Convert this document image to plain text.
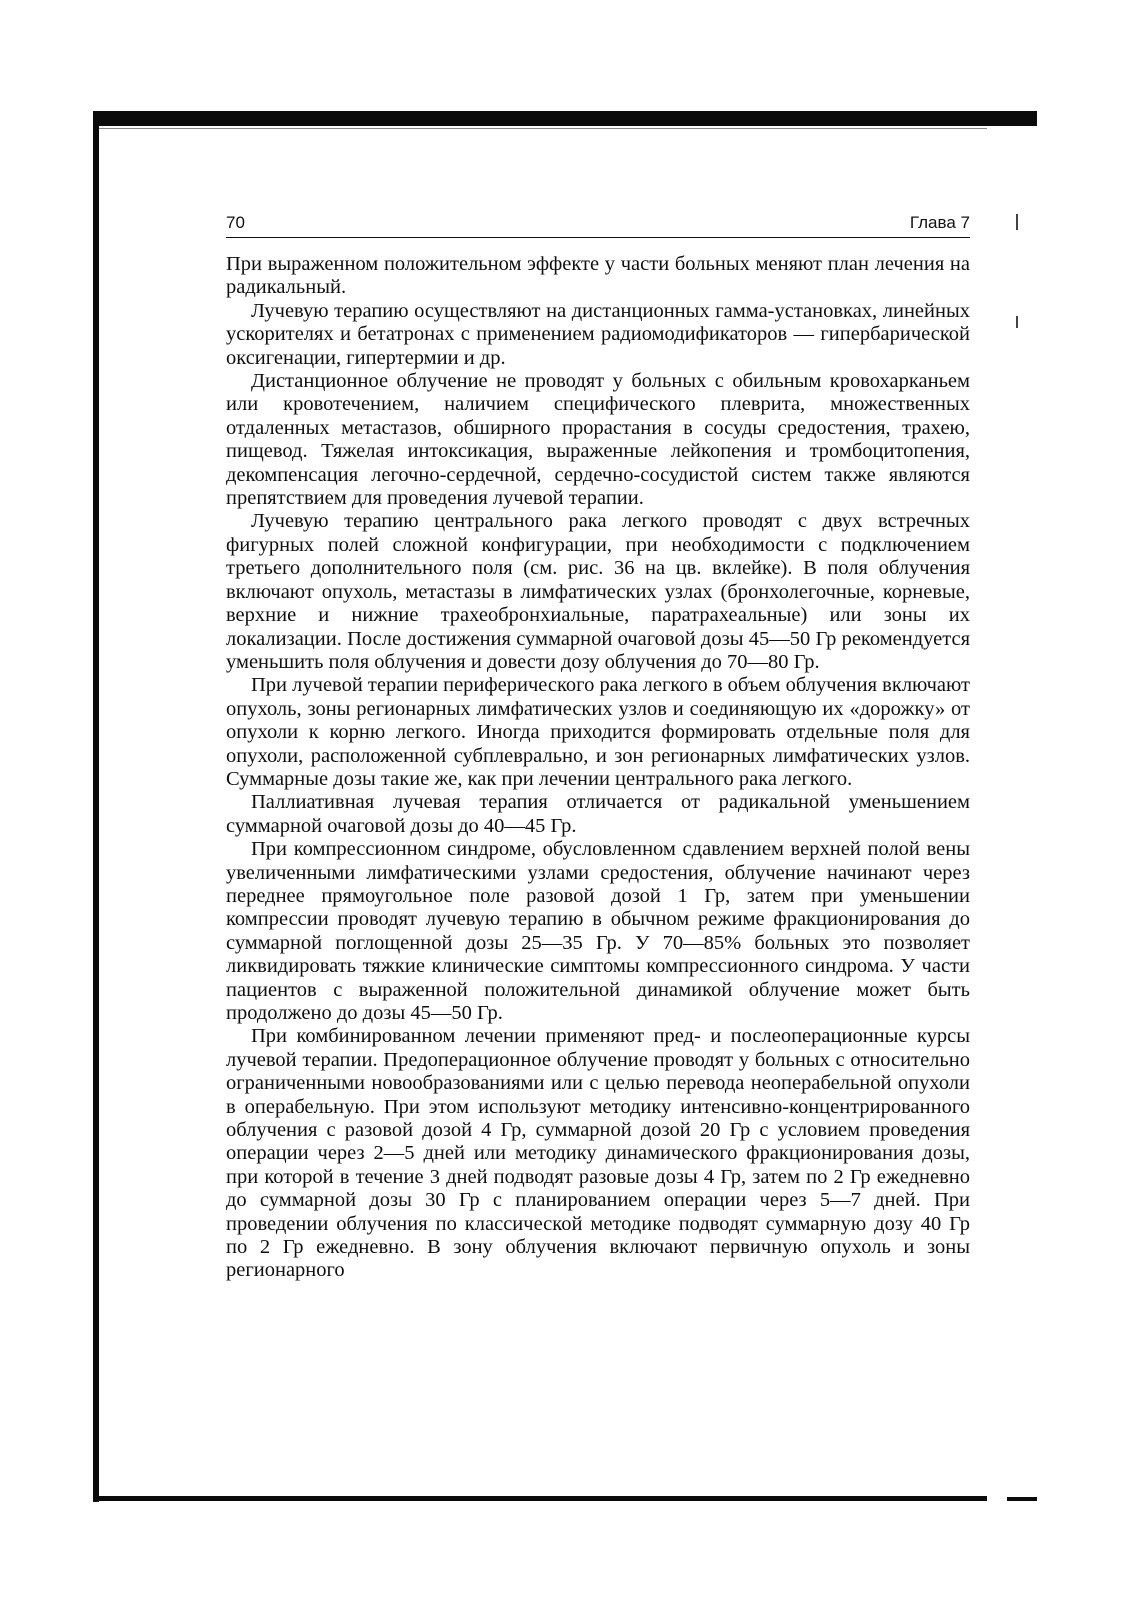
70	Глава 7

При выраженном положительном эффекте у части больных меняют план лечения на радикальный.

Лучевую терапию осуществляют на дистанционных гамма-установках, линейных ускорителях и бетатронах с применением радиомодификаторов — гипербарической оксигенации, гипертермии и др.

Дистанционное облучение не проводят у больных с обильным кровохарканьем или кровотечением, наличием специфического плеврита, множественных отдаленных метастазов, обширного прорастания в сосуды средостения, трахею, пищевод. Тяжелая интоксикация, выраженные лейкопения и тромбоцитопения, декомпенсация легочно-сердечной, сердечно-сосудистой систем также являются препятствием для проведения лучевой терапии.

Лучевую терапию центрального рака легкого проводят с двух встречных фигурных полей сложной конфигурации, при необходимости с подключением третьего дополнительного поля (см. рис. 36 на цв. вклейке). В поля облучения включают опухоль, метастазы в лимфатических узлах (бронхолегочные, корневые, верхние и нижние трахеобронхиальные, паратрахеальные) или зоны их локализации. После достижения суммарной очаговой дозы 45—50 Гр рекомендуется уменьшить поля облучения и довести дозу облучения до 70—80 Гр.

При лучевой терапии периферического рака легкого в объем облучения включают опухоль, зоны регионарных лимфатических узлов и соединяющую их «дорожку» от опухоли к корню легкого. Иногда приходится формировать отдельные поля для опухоли, расположенной субплеврально, и зон регионарных лимфатических узлов. Суммарные дозы такие же, как при лечении центрального рака легкого.

Паллиативная лучевая терапия отличается от радикальной уменьшением суммарной очаговой дозы до 40—45 Гр.

При компрессионном синдроме, обусловленном сдавлением верхней полой вены увеличенными лимфатическими узлами средостения, облучение начинают через переднее прямоугольное поле разовой дозой 1 Гр, затем при уменьшении компрессии проводят лучевую терапию в обычном режиме фракционирования до суммарной поглощенной дозы 25—35 Гр. У 70—85% больных это позволяет ликвидировать тяжкие клинические симптомы компрессионного синдрома. У части пациентов с выраженной положительной динамикой облучение может быть продолжено до дозы 45—50 Гр.

При комбинированном лечении применяют пред- и послеоперационные курсы лучевой терапии. Предоперационное облучение проводят у больных с относительно ограниченными новообразованиями или с целью перевода неоперабельной опухоли в операбельную. При этом используют методику интенсивно-концентрированного облучения с разовой дозой 4 Гр, суммарной дозой 20 Гр с условием проведения операции через 2—5 дней или методику динамического фракционирования дозы, при которой в течение 3 дней подводят разовые дозы 4 Гр, затем по 2 Гр ежедневно до суммарной дозы 30 Гр с планированием операции через 5—7 дней. При проведении облучения по классической методике подводят суммарную дозу 40 Гр по 2 Гр ежедневно. В зону облучения включают первичную опухоль и зоны регионарного
